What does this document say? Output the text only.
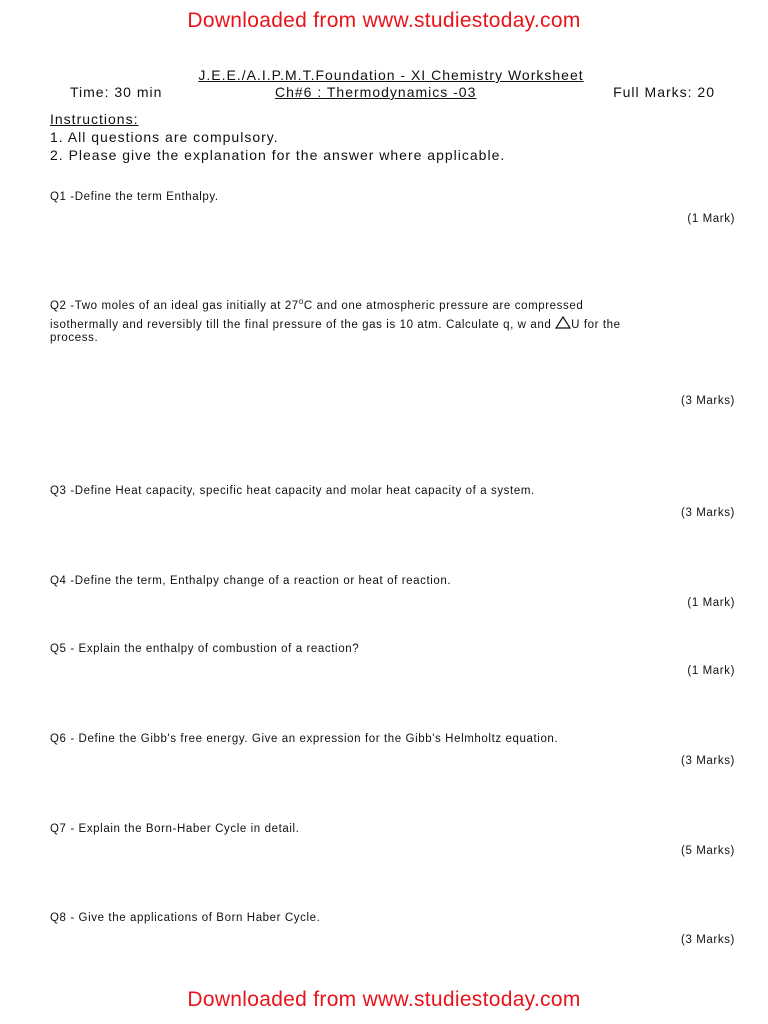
Downloaded from www.studiestoday.com
J.E.E./A.I.P.M.T.Foundation - XI Chemistry Worksheet
Time: 30 min	Ch#6 : Thermodynamics -03	Full Marks: 20
Instructions:
1. All questions are compulsory.
2. Please give the explanation for the answer where applicable.
Q1 -Define the term Enthalpy.
(1 Mark)
Q2 -Two moles of an ideal gas initially at 27$^o$C and one atmospheric pressure are compressed
isothermally and reversibly till the final pressure of the gas is 10 atm. Calculate q, w and U for the
process.
(3 Marks)
Q3 -Define Heat capacity, specific heat capacity and molar heat capacity of a system.
(3 Marks)
Q4 -Define the term, Enthalpy change of a reaction or heat of reaction.
(1 Mark)
Q5 - Explain the enthalpy of combustion of a reaction?
(1 Mark)
Q6 - Define the Gibb's free energy. Give an expression for the Gibb's Helmholtz equation.
(3 Marks)
Q7 - Explain the Born-Haber Cycle in detail.
(5 Marks)
Q8 - Give the applications of Born Haber Cycle.
(3 Marks)
Downloaded from www.studiestoday.com
